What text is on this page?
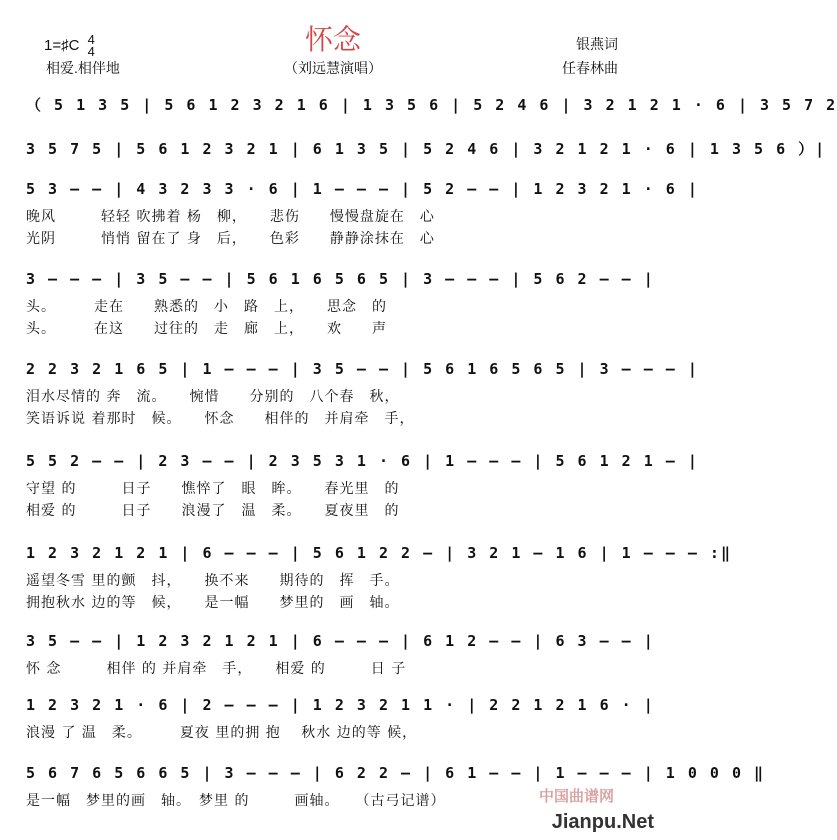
怀念
1=♯C 4
4
相爱.相伴地	（刘远慧演唱）
银燕词
任春林曲
（ 5 1 3 5 | 5 6 1 2 3 2 1 6 | 1 3 5 6 | 5 2 4 6 | 3 2 1 2 1 · 6 | 3 5 7 2
3 5 7 5 | 5 6 1 2 3 2 1 | 6 1 3 5 | 5 2 4 6 | 3 2 1 2 1 · 6 | 1 3 5 6 ）|
5 3 – – | 4 3 2 3 3 · 6 | 1 – – – | 5 2 – – | 1 2 3 2 1 · 6 |
晚风　　　轻轻 吹拂着 杨　柳，　　悲伤　　慢慢盘旋在　心
光阴　　　悄悄 留在了 身　后，　　色彩　　静静涂抹在　心
3 – – – | 3 5 – – | 5 6 1 6 5 6 5 | 3 – – – | 5 6 2 – – |
头。　　　走在　　熟悉的　小　路　上，　　思念　的
头。　　　在这　　过往的　走　廊　上，　　欢　　声
2 2 3 2 1 6 5 | 1 – – – | 3 5 – – | 5 6 1 6 5 6 5 | 3 – – – |
泪水尽情的 奔　流。　　惋惜　　分别的　八个春　秋，
笑语诉说 着那时　候。　　怀念　　相伴的　并肩牵　手，
5 5 2 – – | 2 3 – – | 2 3 5 3 1 · 6 | 1 – – – | 5 6 1 2 1 – |
守望 的　　　日子　　憔悴了　眼　眸。　　春光里　的
相爱 的　　　日子　　浪漫了　温　柔。　　夏夜里　的
1 2 3 2 1 2 1 | 6 – – – | 5 6 1 2 2 – | 3 2 1 – 1 6 | 1 – – – :‖
遥望冬雪 里的颤　抖，　　换不来　　期待的　挥　手。
拥抱秋水 边的等　候，　　是一幅　　梦里的　画　轴。
3 5 – – | 1 2 3 2 1 2 1 | 6 – – – | 6 1 2 – – | 6 3 – – |
怀 念　　　相伴 的 并肩牵　手，　　相爱 的　　　日 子
1 2 3 2 1 · 6 | 2 – – – | 1 2 3 2 1 1 · | 2 2 1 2 1 6 · |
浪漫 了 温　柔。　　　夏夜 里的拥 抱　 秋水 边的等 候，
5 6 7 6 5 6 6 5 | 3 – – – | 6 2 2 – | 6 1 – – | 1 – – – | 1 0 0 0 ‖
是一幅　梦里的画　轴。　梦里 的　　　画轴。　　（古弓记谱）	中国曲谱网
Jianpu.Net
